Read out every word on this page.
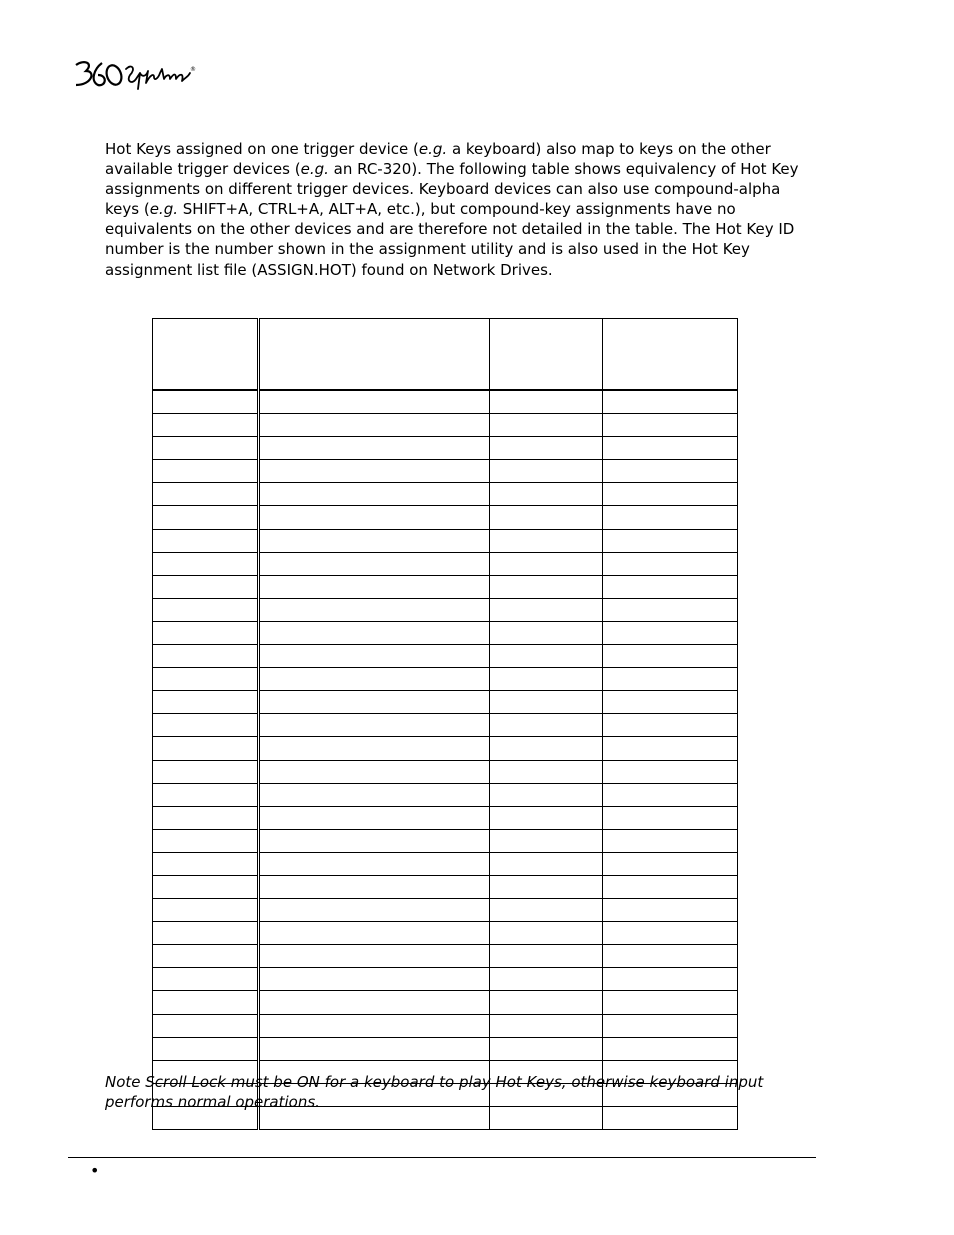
®

Hot Keys assigned on one trigger device (e.g. a keyboard) also map to keys on the other available trigger devices (e.g. an RC-320). The following table shows equivalency of Hot Key assignments on different trigger devices. Keyboard devices can also use compound-alpha keys (e.g. SHIFT+A, CTRL+A, ALT+A, etc.), but compound-key assignments have no equivalents on the other devices and are therefore not detailed in the table. The Hot Key ID number is the number shown in the assignment utility and is also used in the Hot Key assignment list file (ASSIGN.HOT) found on Network Drives.

Note Scroll Lock must be ON for a keyboard to play Hot Keys, otherwise keyboard input performs normal operations.

•
